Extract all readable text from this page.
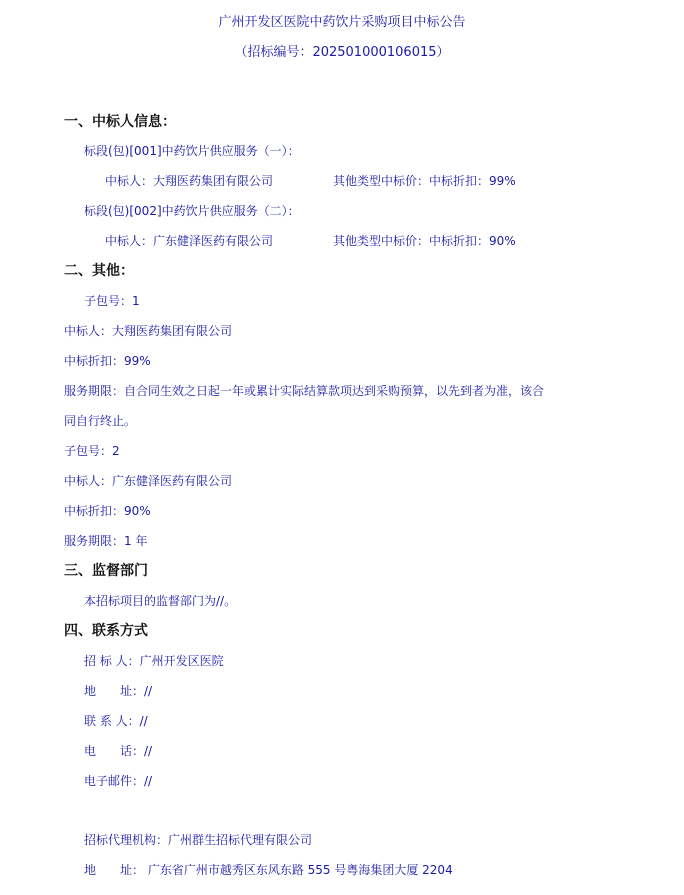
广州开发区医院中药饮片采购项目中标公告
（招标编号：202501000106015）
一、中标人信息：
标段(包)[001]中药饮片供应服务（一）：
中标人：大翔医药集团有限公司	其他类型中标价：中标折扣：99%
标段(包)[002]中药饮片供应服务（二）：
中标人：广东健泽医药有限公司	其他类型中标价：中标折扣：90%
二、其他：
子包号：1
中标人：大翔医药集团有限公司
中标折扣：99%
服务期限：自合同生效之日起一年或累计实际结算款项达到采购预算，以先到者为准，该合
同自行终止。
子包号：2
中标人：广东健泽医药有限公司
中标折扣：90%
服务期限：1 年
三、监督部门
本招标项目的监督部门为//。
四、联系方式
招 标 人：广州开发区医院
地　　址：//
联 系 人：//
电　　话：//
电子邮件：//
招标代理机构：广州群生招标代理有限公司
地　　址： 广东省广州市越秀区东风东路 555 号粤海集团大厦 2204
